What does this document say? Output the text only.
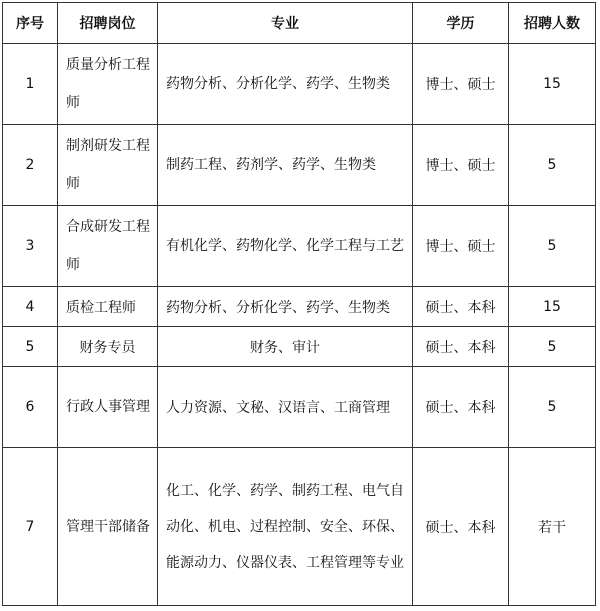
序号	招聘岗位	专业	学历	招聘人数
1	质量分析工程师	药物分析、分析化学、药学、生物类	博士、硕士	15
2	制剂研发工程师	制药工程、药剂学、药学、生物类	博士、硕士	5
3	合成研发工程师	有机化学、药物化学、化学工程与工艺	博士、硕士	5
4	质检工程师	药物分析、分析化学、药学、生物类	硕士、本科	15
5	财务专员	财务、审计	硕士、本科	5
6	行政人事管理	人力资源、文秘、汉语言、工商管理	硕士、本科	5
7	管理干部储备	化工、化学、药学、制药工程、电气自动化、机电、过程控制、安全、环保、能源动力、仪器仪表、工程管理等专业	硕士、本科	若干
